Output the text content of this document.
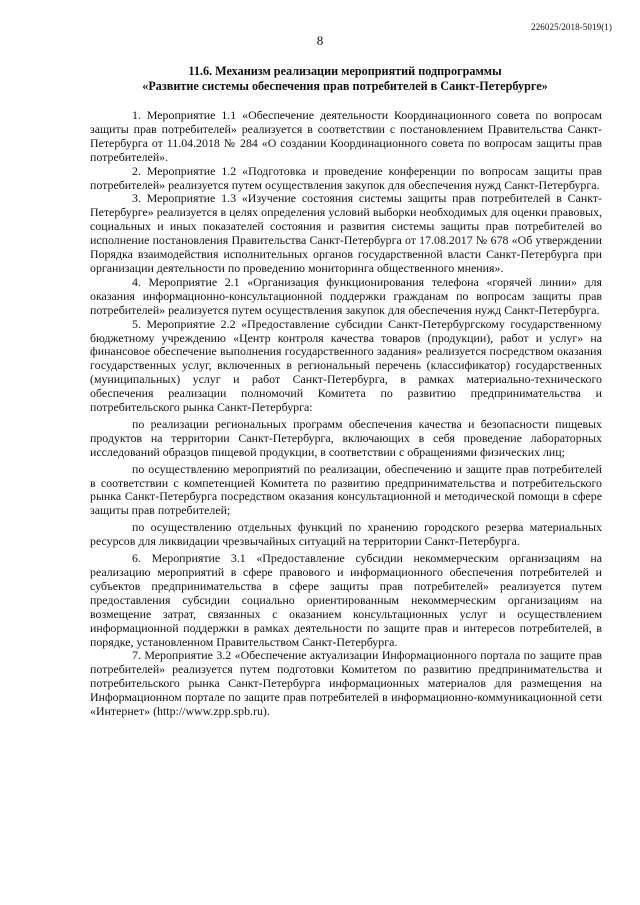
226025/2018-5019(1)
8
11.6. Механизм реализации мероприятий подпрограммы
«Развитие системы обеспечения прав потребителей в Санкт-Петербурге»

1. Мероприятие 1.1 «Обеспечение деятельности Координационного совета по вопросам защиты прав потребителей» реализуется в соответствии с постановлением Правительства Санкт-Петербурга от 11.04.2018 № 284 «О создании Координационного совета по вопросам защиты прав потребителей».

2. Мероприятие 1.2 «Подготовка и проведение конференции по вопросам защиты прав потребителей» реализуется путем осуществления закупок для обеспечения нужд Санкт-Петербурга.

3. Мероприятие 1.3 «Изучение состояния системы защиты прав потребителей в Санкт-Петербурге» реализуется в целях определения условий выборки необходимых для оценки правовых, социальных и иных показателей состояния и развития системы защиты прав потребителей во исполнение постановления Правительства Санкт-Петербурга от 17.08.2017 № 678 «Об утверждении Порядка взаимодействия исполнительных органов государственной власти Санкт-Петербурга при организации деятельности по проведению мониторинга общественного мнения».

4. Мероприятие 2.1 «Организация функционирования телефона «горячей линии» для оказания информационно-консультационной поддержки гражданам по вопросам защиты прав потребителей» реализуется путем осуществления закупок для обеспечения нужд Санкт-Петербурга.

5. Мероприятие 2.2 «Предоставление субсидии Санкт-Петербургскому государственному бюджетному учреждению «Центр контроля качества товаров (продукции), работ и услуг» на финансовое обеспечение выполнения государственного задания» реализуется посредством оказания государственных услуг, включенных в региональный перечень (классификатор) государственных (муниципальных) услуг и работ Санкт-Петербурга, в рамках материально-технического обеспечения реализации полномочий Комитета по развитию предпринимательства и потребительского рынка Санкт-Петербурга:

по реализации региональных программ обеспечения качества и безопасности пищевых продуктов на территории Санкт-Петербурга, включающих в себя проведение лабораторных исследований образцов пищевой продукции, в соответствии с обращениями физических лиц;

по осуществлению мероприятий по реализации, обеспечению и защите прав потребителей в соответствии с компетенцией Комитета по развитию предпринимательства и потребительского рынка Санкт-Петербурга посредством оказания консультационной и методической помощи в сфере защиты прав потребителей;

по осуществлению отдельных функций по хранению городского резерва материальных ресурсов для ликвидации чрезвычайных ситуаций на территории Санкт-Петербурга.

6. Мероприятие 3.1 «Предоставление субсидии некоммерческим организациям на реализацию мероприятий в сфере правового и информационного обеспечения потребителей и субъектов предпринимательства в сфере защиты прав потребителей» реализуется путем предоставления субсидии социально ориентированным некоммерческим организациям на возмещение затрат, связанных с оказанием консультационных услуг и осуществлением информационной поддержки в рамках деятельности по защите прав и интересов потребителей, в порядке, установленном Правительством Санкт-Петербурга.

7. Мероприятие 3.2 «Обеспечение актуализации Информационного портала по защите прав потребителей» реализуется путем подготовки Комитетом по развитию предпринимательства и потребительского рынка Санкт-Петербурга информационных материалов для размещения на Информационном портале по защите прав потребителей в информационно-коммуникационной сети «Интернет» (http://www.zpp.spb.ru).
